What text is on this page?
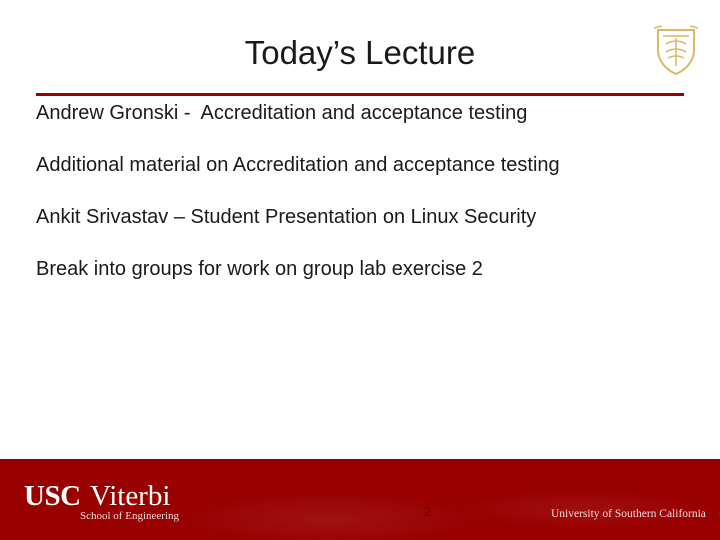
Today’s Lecture
Andrew Gronski -  Accreditation and acceptance testing
Additional material on Accreditation and acceptance testing
Ankit Srivastav – Student Presentation on Linux Security
Break into groups for work on group lab exercise 2
USC Viterbi
School of Engineering	2	University of Southern California
